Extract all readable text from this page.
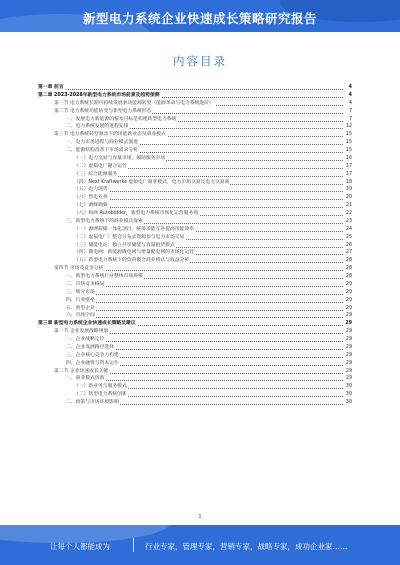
新型电力系统企业快速成长策略研究报告
内容目录
第一章 前言	4
第二章 2023-2028年新型电力系统市场前景及趋势预测	4
第一节 电力系统长期可持续发展驱动能源转型（能源革命与电力系统进阶）	4
第二节 电力系统功能转变与新型电力系统形态	7
一、发展电力新能源的根本目标是构建新型电力系统	7
二、电力系统发展的进程安排	12
第三节 电力系统转型驱动下的用能新业态及商业模式	15
一、电力市场进程与商业模式演进	15
二、能源结构改革下市场需求分析	15
（一）电力交易与容量市场、辅助服务市场	16
（二）虚拟电厂聚合运营	17
（三）综合能源服务	17
（四）Next Kraftwerke 虚拟电厂商业模式，电力市场交易及电力交易商	18
（五）电力现货	19
（六）售电业务	20
（七）调峰调频	21
（八）构网 Autobidder，新型电力系统市场化运营服务商	22
三、新型电力系统下的商业模式探索	23
（一）源网荷储一体化项目，统筹多能互补提高用能效率	24
（二）虚拟电厂：整合分布式资源参与电力市场交易	25
（三）储能电站：独立共享储能与容量租赁模式	26
（四）微电网：新能源微电网与增量配电网的市场化运营	27
（五）新型电力系统下的负荷聚合商业模式与收益分析	28
第四节 市场及竞争分析	28
一、新型电力系统行业整体市场规模	28
二、市场竞争格局	29
三、细分市场	29
四、行业壁垒	29
五、典型企业	29
六、市场空间	29
第三章 新型电力系统企业快速成长策略及建议	29
第一节 企业发展战略规划	29
一、企业战略定位	29
二、企业发展路径选择	29
三、企业核心竞争力构建	29
四、企业融资与资本运作	29
第二节 企业快速成长关键	29
一、商业模式创新	29
（一）新业务与服务模式	30
（二）新型电力系统创新	30
二、政策与市场环境影响	30
1
让每个人都能成为	行业专家，管理专家，营销专家，战略专家，成功企业家……
